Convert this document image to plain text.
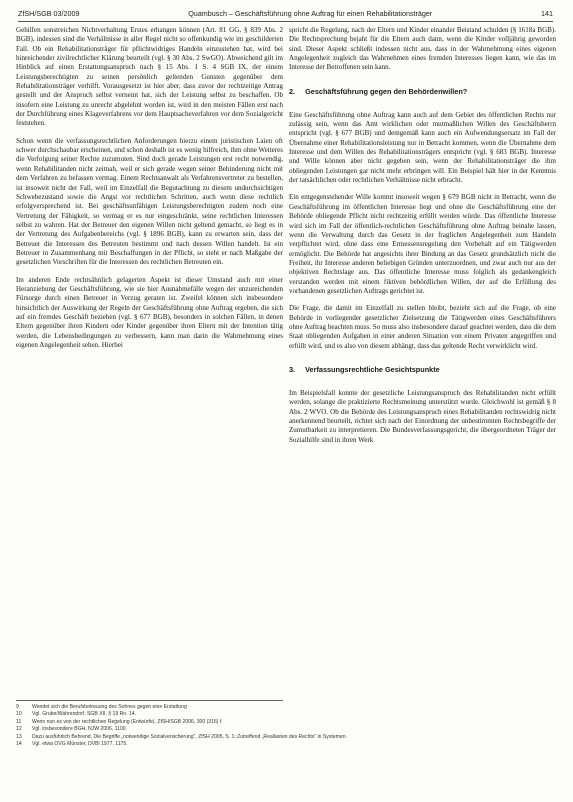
ZfSH/SGB 03/2009	Quambusch – Geschäftsführung ohne Auftrag für einen Rehabilitationsträger	141

Gehilfen sonstreichen Nichtverhaltung Erstes erhangen können (Art. 81 GG, § 839 Abs. 2 BGB), indessen sind die Verhältnisse in aller Regel nicht so offenkundig wie im geschilderten Fall. Ob ein Rehabilitationsträger für pflichtwidriges Handeln einzustehen hat, wird bei hinreichender zivilrechtlicher Klärung beurteilt (vgl. § 30 Abs. 2 SwGO). Abweichend gilt im Hinblick auf einen Erstattungsanspruch nach § 15 Abs. 1 S. 4 SGB IX, der einem Leistungsberechtigten zu seinen persönlich geltenden Gunsten gegenüber dem Rehabilitationsträger verhilft. Vorausgesetzt ist hier aber, dass zuvor der rechtzeitige Antrag gestellt und der Anspruch selbst verneint hat, sich der Leistung selbst zu beschaffen. Ob insofern eine Leistung zu unrecht abgelehnt worden ist, wird in den meisten Fällen erst nach der Durchführung eines Klageverfahrens vor dem Hauptsacheverfahren vor dem Sozialgericht feststehen.

Schon wenn die verfassungsrechtlichen Anforderungen hierzu einem juristischen Laien oft schwer durchschaubar erscheinen, und schon deshalb ist es wenig hilfreich, ihm ohne Weiteres die Verfolgung seiner Rechte zuzumuten. Sind doch gerade Leistungen erst recht notwendig, wenn Rehabilitanden nicht zeitnah, weil er sich gerade wegen seiner Behinderung nicht mit dem Verfahren zu befassen vermag. Einem Rechtsanwalt als Verfahrensvertreter zu bestellen, ist insoweit nicht der Fall, weil im Einzelfall die Begutachtung zu diesem undurchsichtigen Schwebezustand sowie die Angst vor rechtlichen Schritten, auch wenn diese rechtlich erfolgversprechend ist. Bei geschäftsunfähigen Leistungsberechtigten zudem noch eine Vertretung der Fähigkeit, so vermag er es nur eingeschränkt, seine rechtlichen Interessen selbst zu wahren. Hat der Betreuer den eigenen Willen nicht geltend gemacht, so liegt es in der Vertretung des Aufgabenbereichs (vgl. § 1896 BGB), kann zu erwarten sein, dass der Betreuer die Interessen des Betreuten bestimmt und nach dessen Willen handelt. Ist ein Betreuer in Zusammenhang mit Beschaffungen in der Pflicht, so steht er nach Maßgabe der gesetzlichen Vorschriften für die Interessen des rechtlichen Betreuten ein.

Im anderen Ende rechtsähnlich gelagerten Aspekt ist dieser Umstand auch mit einer Heranziehung der Geschäftsführung, wie sie hier Ausnahmefälle wegen der unzureichenden Fürsorge durch einen Betreuer in Verzug geraten ist. Zweifel können sich insbesondere hinsichtlich der Auswirkung der Regeln der Geschäftsführung ohne Auftrag ergeben, die sich auf ein fremdes Geschäft beziehen (vgl. § 677 BGB), besonders in solchen Fällen, in denen Eltern gegenüber ihren Kindern oder Kinder gegenüber ihren Eltern mit der Intention tätig werden, die Lebensbedingungen zu verbessern, kann man darin die Wahrnehmung eines eigenen Angelegenheit sehen. Hierbei

spricht die Regelung, nach der Eltern und Kinder einander Beistand schulden (§ 1618a BGB). Die Rechtsprechung bejaht für die Eltern auch dann, wenn die Kinder volljährig geworden sind. Dieser Aspekt schließt indessen nicht aus, dass in der Wahrnehmung eines eigenen Angelegenheit zugleich das Wahrnehmen eines fremden Interesses liegen kann, wie das im Interesse der Betroffenen sein kann.

2. Geschäftsführung gegen den Behördenwillen?

Eine Geschäftsführung ohne Auftrag kann auch auf dem Gebiet des öffentlichen Rechts nur zulässig sein, wenn das Amt wirklichen oder mutmaßlichen Willen des Geschäftsherrn entspricht (vgl. § 677 BGB) und demgemäß kann auch ein Aufwendungsersatz im Fall der Übernahme einer Rehabilitationsleistung nur in Betracht kommen, wenn die Übernahme dem Interesse und dem Willen des Rehabilitationsträgers entspricht (vgl. § 683 BGB). Interesse und Wille können aber nicht gegeben sein, wenn der Rehabilitationsträger die ihm obliegenden Leistungen gar nicht mehr erbringen will. Ein Beispiel hält hier in der Kenntnis der tatsächlichen oder rechtlichen Verhältnisse nicht erbracht.

Ein entgegenstehender Wille kommt insoweit wegen § 679 BGB nicht in Betracht, wenn die Geschäftsführung im öffentlichen Interesse liegt und ohne die Geschäftsführung eine der Behörde obliegende Pflicht nicht rechtzeitig erfüllt werden würde. Das öffentliche Interesse wird sich im Fall der öffentlich-rechtlichen Geschäftsführung ohne Auftrag beinahe lassen, wenn die Verwaltung durch das Gesetz in der fraglichen Angelegenheit zum Handeln verpflichtet wird, ohne dass eine Ermessensregelung den Vorbehalt auf ein Tätigwerden ermöglicht. Die Behörde hat angesichts ihrer Bindung an das Gesetz grundsätzlich nicht die Freiheit, ihr Interesse anderen beliebigen Gründen unterzuordnen, und zwar auch nur aus der objektiven Rechtslage aus. Das öffentliche Interesse muss folglich als gedankengleich verstanden werden mit einem fiktiven behördlichen Willen, der auf die Erfüllung des vorhandenen gesetzlichen Auftrags gerichtet ist.

Die Frage, die damit im Einzelfall zu stellen bleibt, bezieht sich auf die Frage, ob eine Behörde in vorliegender gesetzlicher Zielsetzung die Tätigwerden eines Geschäftsführers ohne Auftrag beachten muss. So muss also insbesondere darauf geachtet werden, dass die dem Staat obliegenden Aufgaben in einer anderen Situation von einem Privaten angegriffen und erfüllt wird, und es also von diesem abhängt, dass das geltende Recht verwirklicht wird.

3. Verfassungsrechtliche Gesichtspunkte

Im Beispielsfall konnte der gesetzliche Leistungsanspruch des Rehabilitanden nicht erfüllt werden, solange die praktizierte Rechtsmeinung unterstützt wurde. Gleichwohl ist gemäß § 8 Abs. 2 WVO. Ob die Behörde des Leistungsanspruch eines Rehabilitanden rechtswidrig nicht anerkennend beurteilt, richtet sich nach der Einordnung der unbestimmten Rechtsbegriffe der Zumutbarkeit zu interpretieren. Die Bundesverfassungsgericht, die übergeordneten Träger der Sozialhilfe sind in ihren Werk

9	Wendet sich die Berufsbetreuung des Sohnes gegen eine Erstattung
10	Vgl. Grube/Wahrendorf, SGB XII, § 19 Rn. 14.
11	Wenn nun es von der rechtlichen Regelung (Entwürfe), ZfSH/SGB 2006, 300 (316) f.
12	Vgl. insbesondere BGH, NJW 2006, 1100.
13	Dazu ausführlich Behrend, Die Begriffe „notwendige Sozialversicherung“, ZfSH 2005, S. 1; Zutreffend „Reallasten des Rechts“ in Systemen.
14	Vgl. etwa OVG Münster, DVBl 1977, 1175.
